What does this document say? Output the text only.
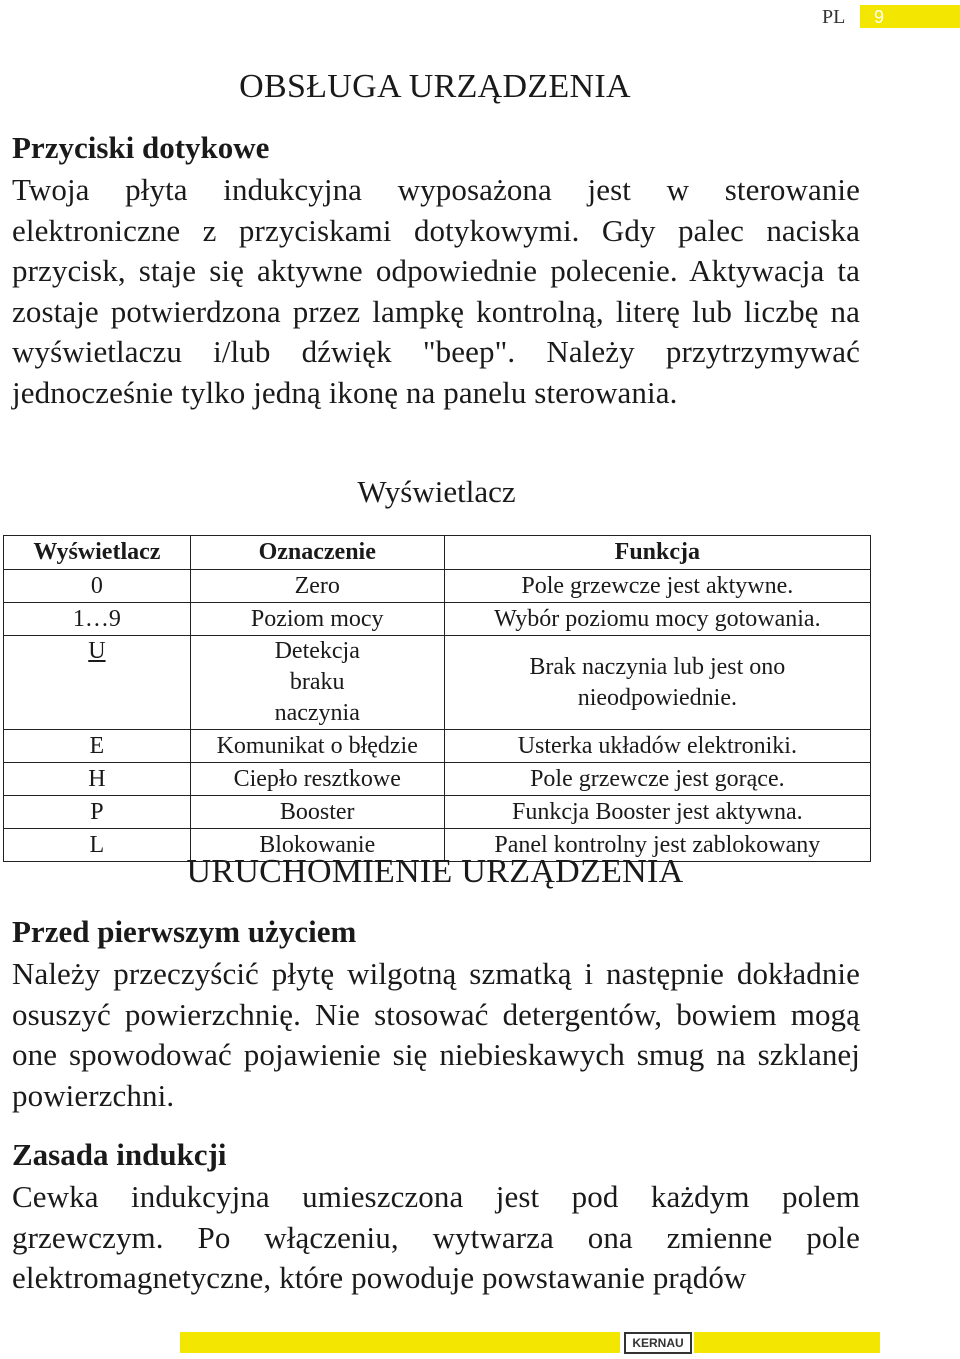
PL 9
OBSŁUGA URZĄDZENIA
Przyciski dotykowe

Twoja płyta indukcyjna wyposażona jest w sterowanie elektroniczne z przyciskami dotykowymi. Gdy palec naciska przycisk, staje się aktywne odpowiednie polecenie. Aktywacja ta zostaje potwierdzona przez lampkę kontrolną, literę lub liczbę na wyświetlaczu i/lub dźwięk "beep". Należy przytrzymywać jednocześnie tylko jedną ikonę na panelu sterowania.

Wyświetlacz
Wyświetlacz	Oznaczenie	Funkcja
0	Zero	Pole grzewcze jest aktywne.
1…9	Poziom mocy	Wybór poziomu mocy gotowania.
U	Detekcja braku naczynia	Brak naczynia lub jest ono nieodpowiednie.
E	Komunikat o błędzie	Usterka układów elektroniki.
H	Ciepło resztkowe	Pole grzewcze jest gorące.
P	Booster	Funkcja Booster jest aktywna.
L	Blokowanie	Panel kontrolny jest zablokowany
URUCHOMIENIE URZĄDZENIA
Przed pierwszym użyciem

Należy przeczyścić płytę wilgotną szmatką i następnie dokładnie osuszyć powierzchnię. Nie stosować detergentów, bowiem mogą one spowodować pojawienie się niebieskawych smug na szklanej powierzchni.

Zasada indukcji

Cewka indukcyjna umieszczona jest pod każdym polem grzewczym. Po włączeniu, wytwarza ona zmienne pole elektromagnetyczne, które powoduje powstawanie prądów

KERNAU
